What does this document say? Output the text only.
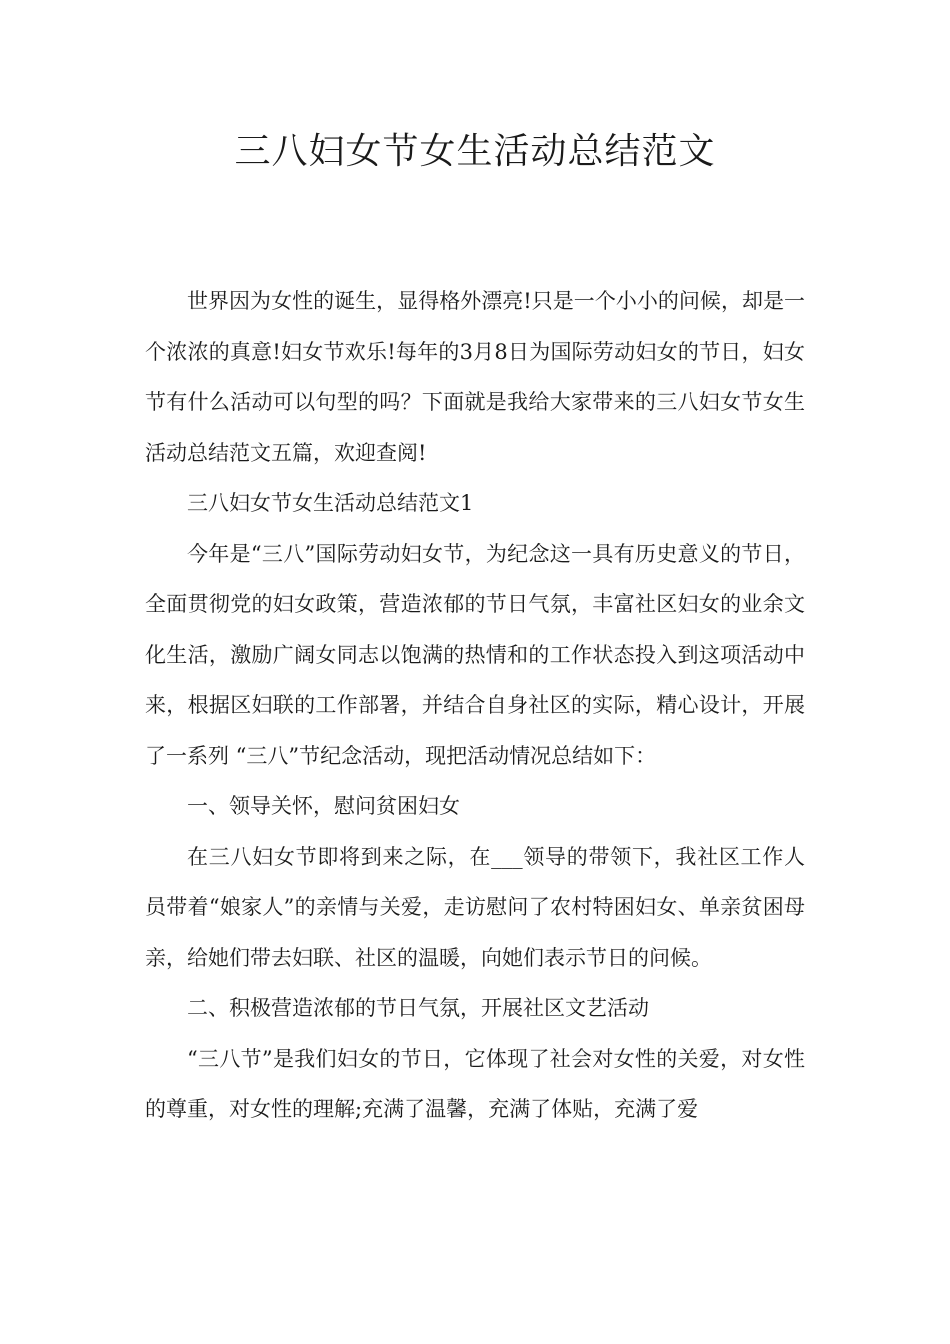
三八妇女节女生活动总结范文

世界因为女性的诞生，显得格外漂亮!只是一个小小的问候，却是一个浓浓的真意!妇女节欢乐!每年的3月8日为国际劳动妇女的节日，妇女节有什么活动可以句型的吗？下面就是我给大家带来的三八妇女节女生活动总结范文五篇，欢迎查阅!

三八妇女节女生活动总结范文1

今年是“三八”国际劳动妇女节，为纪念这一具有历史意义的节日，全面贯彻党的妇女政策，营造浓郁的节日气氛，丰富社区妇女的业余文化生活，激励广阔女同志以饱满的热情和的工作状态投入到这项活动中来，根据区妇联的工作部署，并结合自身社区的实际，精心设计，开展了一系列 “三八”节纪念活动，现把活动情况总结如下：

一、领导关怀，慰问贫困妇女

在三八妇女节即将到来之际，在___领导的带领下，我社区工作人员带着“娘家人”的亲情与关爱，走访慰问了农村特困妇女、单亲贫困母亲，给她们带去妇联、社区的温暖，向她们表示节日的问候。

二、积极营造浓郁的节日气氛，开展社区文艺活动

“三八节”是我们妇女的节日，它体现了社会对女性的关爱，对女性的尊重，对女性的理解;充满了温馨，充满了体贴，充满了爱
